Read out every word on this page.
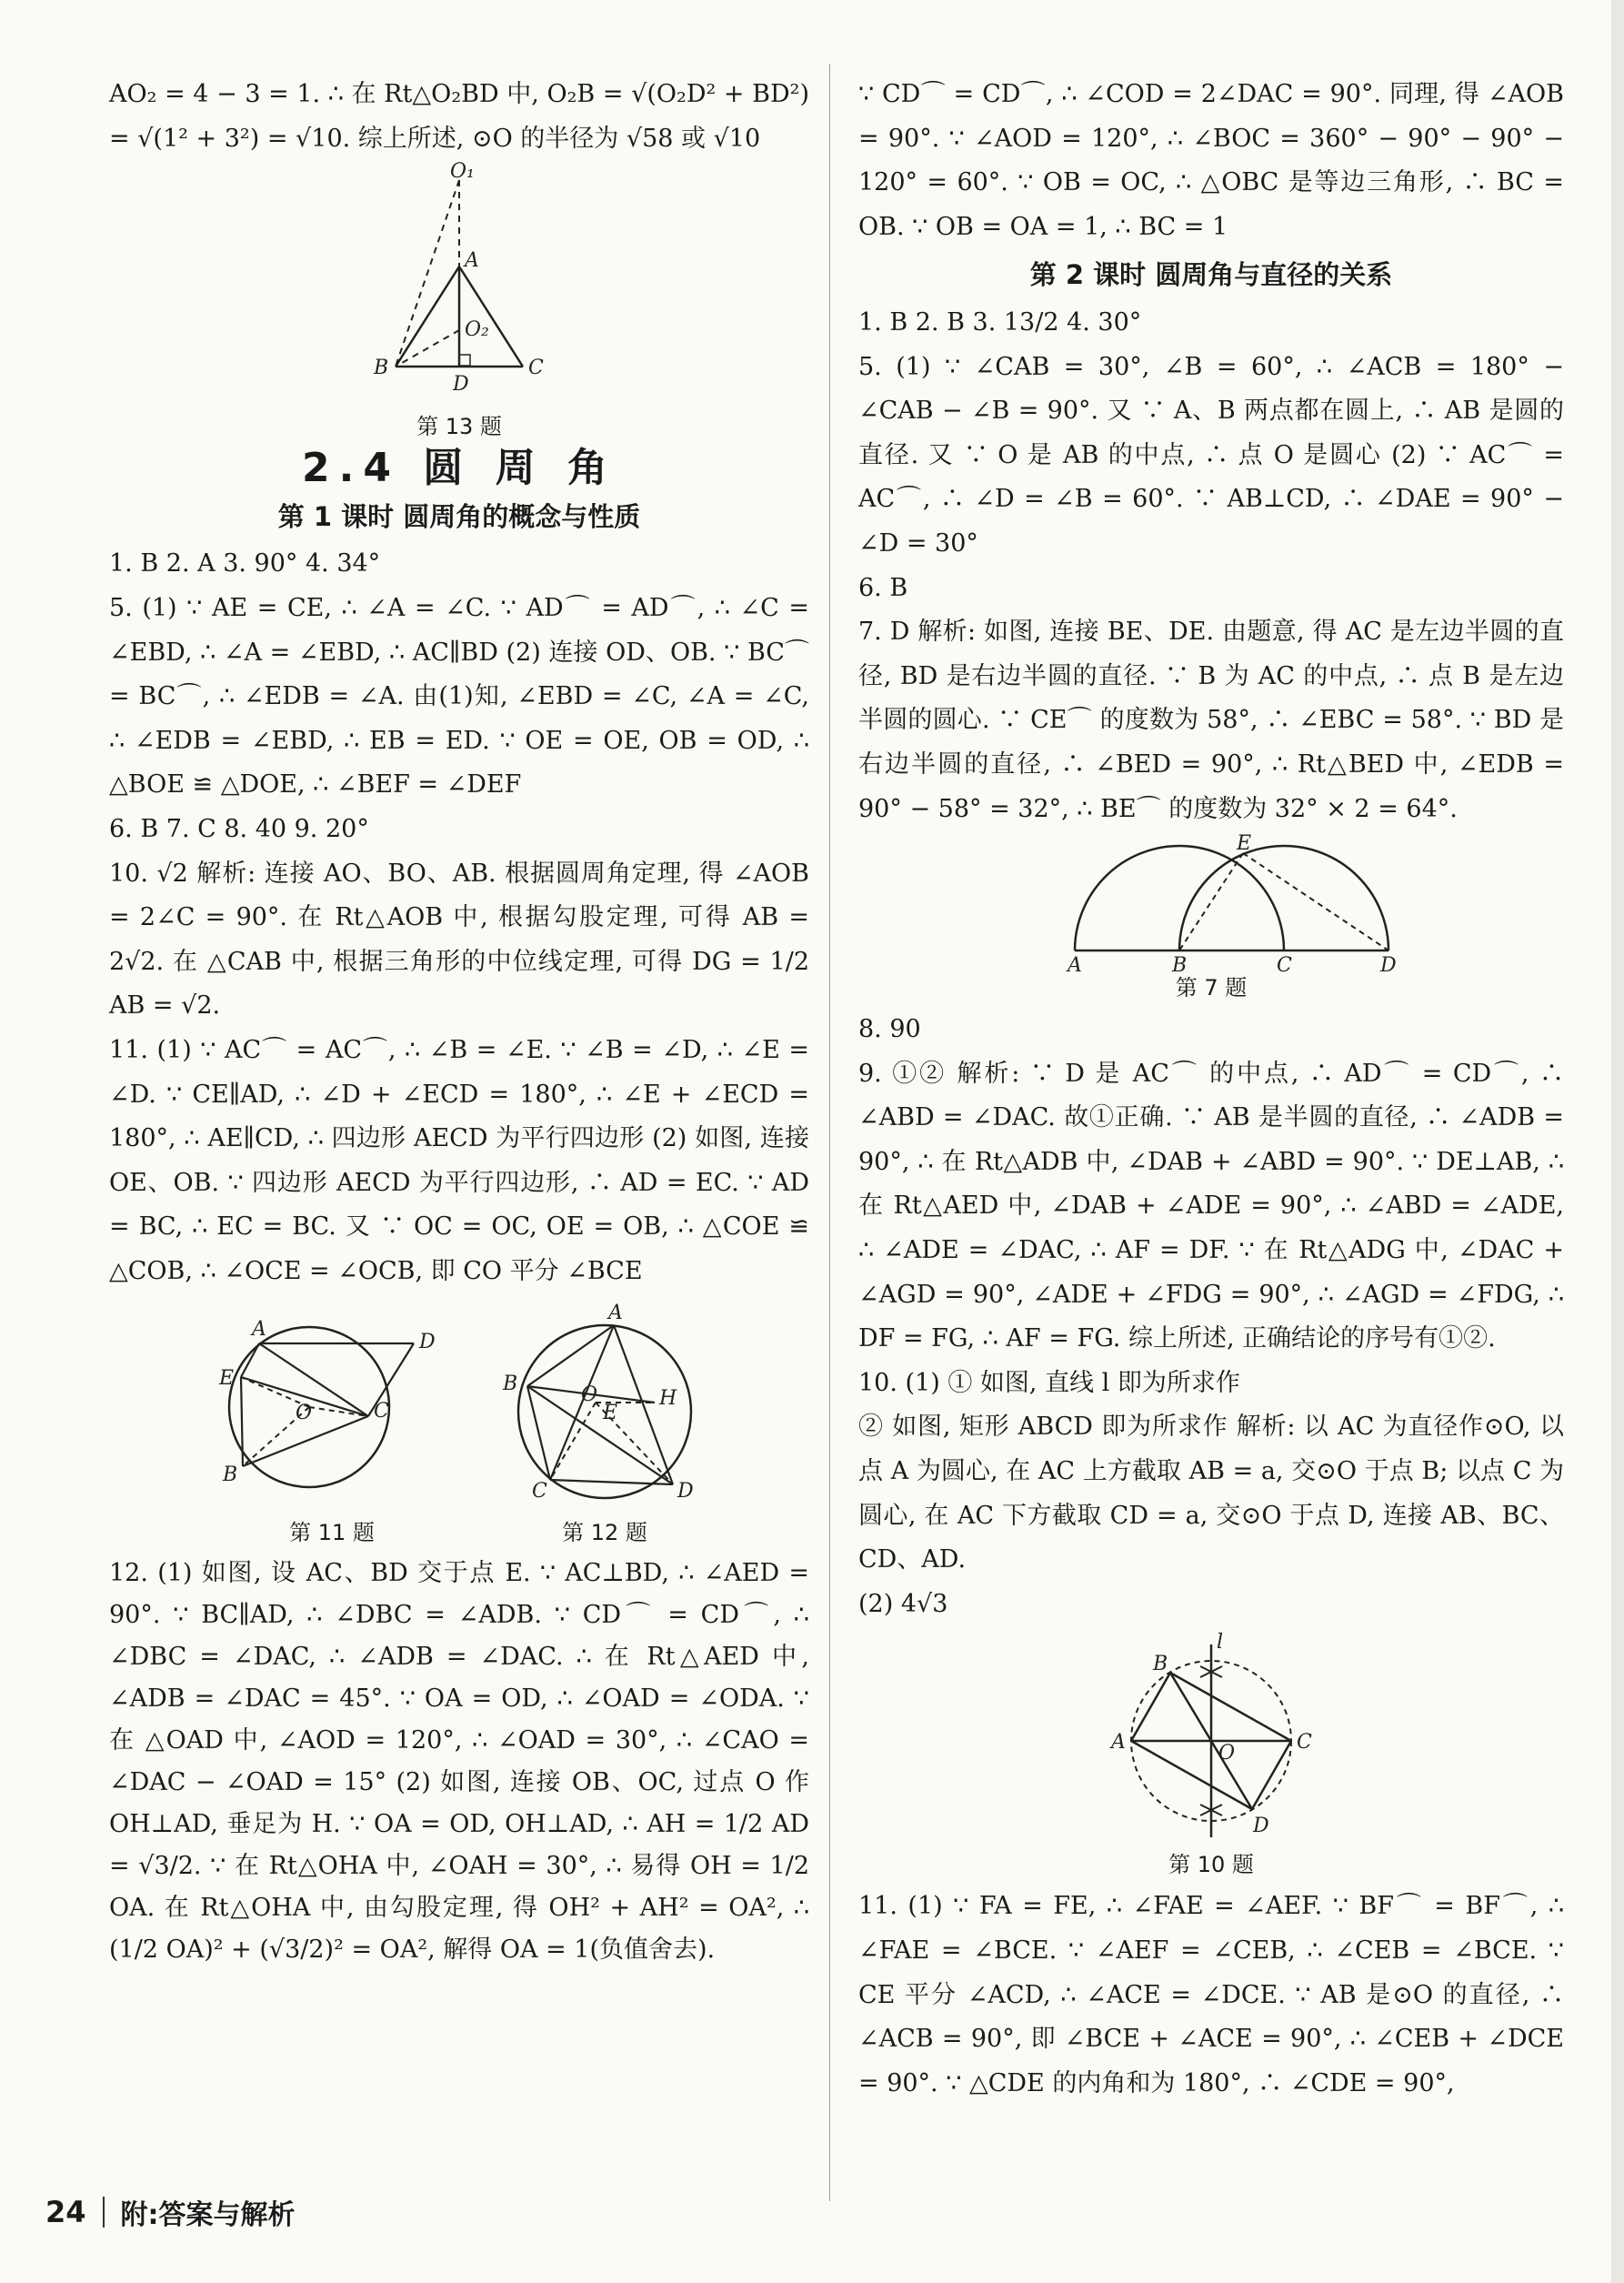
AO₂ = 4 − 3 = 1. ∴ 在 Rt△O₂BD 中, O₂B = √(O₂D² + BD²) = √(1² + 3²) = √10. 综上所述, ⊙O 的半径为 √58 或 √10

O₁
A
O₂
B
D
C
第 13 题
2.4 圆 周 角
第 1 课时 圆周角的概念与性质

1. B 2. A 3. 90° 4. 34°

5. (1) ∵ AE = CE, ∴ ∠A = ∠C. ∵ AD⌒ = AD⌒, ∴ ∠C = ∠EBD, ∴ ∠A = ∠EBD, ∴ AC∥BD (2) 连接 OD、OB. ∵ BC⌒ = BC⌒, ∴ ∠EDB = ∠A. 由(1)知, ∠EBD = ∠C, ∠A = ∠C, ∴ ∠EDB = ∠EBD, ∴ EB = ED. ∵ OE = OE, OB = OD, ∴ △BOE ≌ △DOE, ∴ ∠BEF = ∠DEF

6. B 7. C 8. 40 9. 20°

10. √2 解析: 连接 AO、BO、AB. 根据圆周角定理, 得 ∠AOB = 2∠C = 90°. 在 Rt△AOB 中, 根据勾股定理, 可得 AB = 2√2. 在 △CAB 中, 根据三角形的中位线定理, 可得 DG = 1/2 AB = √2.

11. (1) ∵ AC⌒ = AC⌒, ∴ ∠B = ∠E. ∵ ∠B = ∠D, ∴ ∠E = ∠D. ∵ CE∥AD, ∴ ∠D + ∠ECD = 180°, ∴ ∠E + ∠ECD = 180°, ∴ AE∥CD, ∴ 四边形 AECD 为平行四边形 (2) 如图, 连接 OE、OB. ∵ 四边形 AECD 为平行四边形, ∴ AD = EC. ∵ AD = BC, ∴ EC = BC. 又 ∵ OC = OC, OE = OB, ∴ △COE ≌ △COB, ∴ ∠OCE = ∠OCB, 即 CO 平分 ∠BCE

A
D
E
O	C
B
第 11 题
A
B	O
E
H
C	D
第 12 题

12. (1) 如图, 设 AC、BD 交于点 E. ∵ AC⊥BD, ∴ ∠AED = 90°. ∵ BC∥AD, ∴ ∠DBC = ∠ADB. ∵ CD⌒ = CD⌒, ∴ ∠DBC = ∠DAC, ∴ ∠ADB = ∠DAC. ∴ 在 Rt△AED 中, ∠ADB = ∠DAC = 45°. ∵ OA = OD, ∴ ∠OAD = ∠ODA. ∵ 在 △OAD 中, ∠AOD = 120°, ∴ ∠OAD = 30°, ∴ ∠CAO = ∠DAC − ∠OAD = 15° (2) 如图, 连接 OB、OC, 过点 O 作 OH⊥AD, 垂足为 H. ∵ OA = OD, OH⊥AD, ∴ AH = 1/2 AD = √3/2. ∵ 在 Rt△OHA 中, ∠OAH = 30°, ∴ 易得 OH = 1/2 OA. 在 Rt△OHA 中, 由勾股定理, 得 OH² + AH² = OA², ∴ (1/2 OA)² + (√3/2)² = OA², 解得 OA = 1(负值舍去).

∵ CD⌒ = CD⌒, ∴ ∠COD = 2∠DAC = 90°. 同理, 得 ∠AOB = 90°. ∵ ∠AOD = 120°, ∴ ∠BOC = 360° − 90° − 90° − 120° = 60°. ∵ OB = OC, ∴ △OBC 是等边三角形, ∴ BC = OB. ∵ OB = OA = 1, ∴ BC = 1

第 2 课时 圆周角与直径的关系

1. B 2. B 3. 13/2 4. 30°

5. (1) ∵ ∠CAB = 30°, ∠B = 60°, ∴ ∠ACB = 180° − ∠CAB − ∠B = 90°. 又 ∵ A、B 两点都在圆上, ∴ AB 是圆的直径. 又 ∵ O 是 AB 的中点, ∴ 点 O 是圆心 (2) ∵ AC⌒ = AC⌒, ∴ ∠D = ∠B = 60°. ∵ AB⊥CD, ∴ ∠DAE = 90° − ∠D = 30°

6. B

7. D 解析: 如图, 连接 BE、DE. 由题意, 得 AC 是左边半圆的直径, BD 是右边半圆的直径. ∵ B 为 AC 的中点, ∴ 点 B 是左边半圆的圆心. ∵ CE⌒ 的度数为 58°, ∴ ∠EBC = 58°. ∵ BD 是右边半圆的直径, ∴ ∠BED = 90°, ∴ Rt△BED 中, ∠EDB = 90° − 58° = 32°, ∴ BE⌒ 的度数为 32° × 2 = 64°.

E
A	B	C	D
第 7 题

8. 90

9. ①② 解析: ∵ D 是 AC⌒ 的中点, ∴ AD⌒ = CD⌒, ∴ ∠ABD = ∠DAC. 故①正确. ∵ AB 是半圆的直径, ∴ ∠ADB = 90°, ∴ 在 Rt△ADB 中, ∠DAB + ∠ABD = 90°. ∵ DE⊥AB, ∴ 在 Rt△AED 中, ∠DAB + ∠ADE = 90°, ∴ ∠ABD = ∠ADE, ∴ ∠ADE = ∠DAC, ∴ AF = DF. ∵ 在 Rt△ADG 中, ∠DAC + ∠AGD = 90°, ∠ADE + ∠FDG = 90°, ∴ ∠AGD = ∠FDG, ∴ DF = FG, ∴ AF = FG. 综上所述, 正确结论的序号有①②.

10. (1) ① 如图, 直线 l 即为所求作

② 如图, 矩形 ABCD 即为所求作 解析: 以 AC 为直径作⊙O, 以点 A 为圆心, 在 AC 上方截取 AB = a, 交⊙O 于点 B; 以点 C 为圆心, 在 AC 下方截取 CD = a, 交⊙O 于点 D, 连接 AB、BC、CD、AD.

(2) 4√3

l
B
A	O	C
D
第 10 题

11. (1) ∵ FA = FE, ∴ ∠FAE = ∠AEF. ∵ BF⌒ = BF⌒, ∴ ∠FAE = ∠BCE. ∵ ∠AEF = ∠CEB, ∴ ∠CEB = ∠BCE. ∵ CE 平分 ∠ACD, ∴ ∠ACE = ∠DCE. ∵ AB 是⊙O 的直径, ∴ ∠ACB = 90°, 即 ∠BCE + ∠ACE = 90°, ∴ ∠CEB + ∠DCE = 90°. ∵ △CDE 的内角和为 180°, ∴ ∠CDE = 90°,

24 附:答案与解析
